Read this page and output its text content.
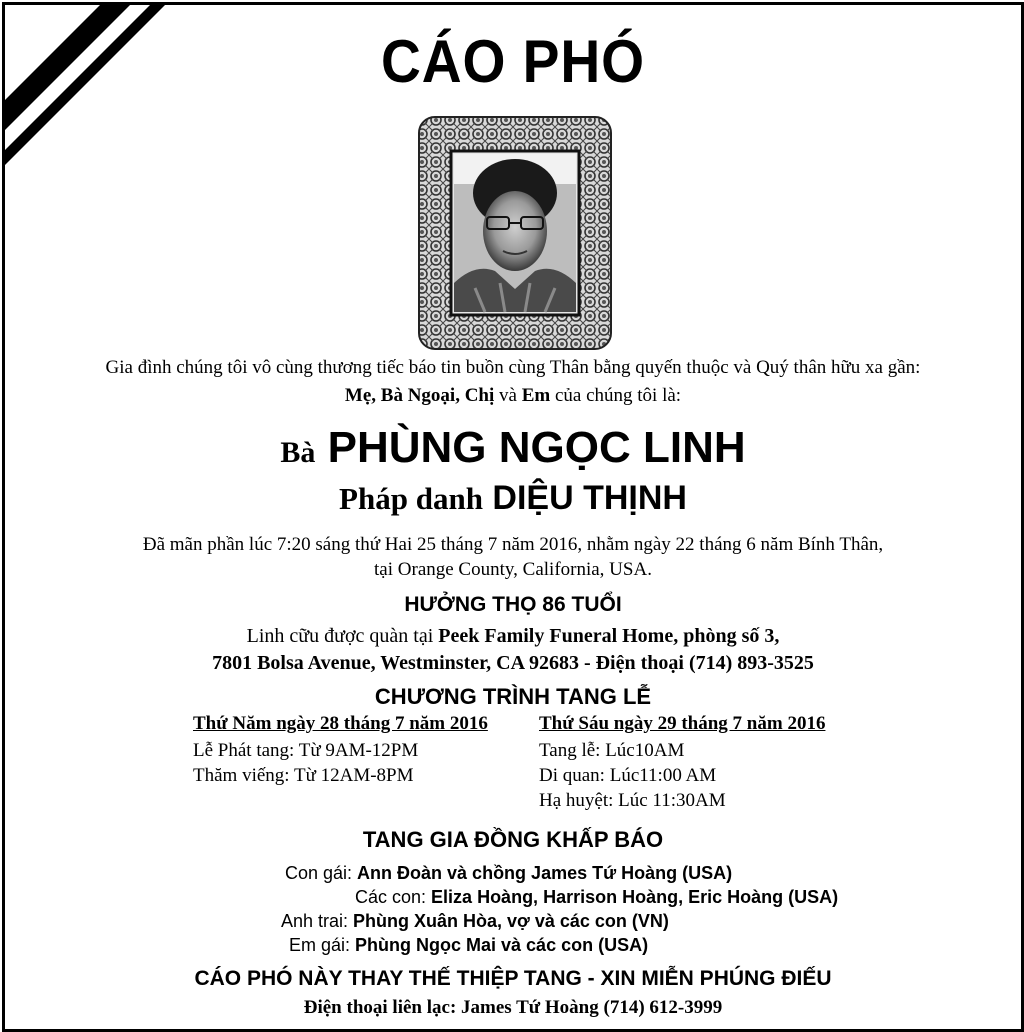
CÁO PHÓ
Gia đình chúng tôi vô cùng thương tiếc báo tin buồn cùng Thân bằng quyến thuộc và Quý thân hữu xa gần:
Mẹ, Bà Ngoại, Chị và Em của chúng tôi là:
Bà PHÙNG NGỌC LINH
Pháp danh DIỆU THỊNH
Đã mãn phần lúc 7:20 sáng thứ Hai 25 tháng 7 năm 2016, nhằm ngày 22 tháng 6 năm Bính Thân,
tại Orange County, California, USA.
HƯỞNG THỌ 86 TUỔI
Linh cữu được quàn tại Peek Family Funeral Home, phòng số 3,
7801 Bolsa Avenue, Westminster, CA 92683 - Điện thoại (714) 893-3525
CHƯƠNG TRÌNH TANG LỄ
Thứ Năm ngày 28 tháng 7 năm 2016
Lễ Phát tang: Từ 9AM-12PM
Thăm viếng: Từ 12AM-8PM
Thứ Sáu ngày 29 tháng 7 năm 2016
Tang lễ: Lúc10AM
Di quan: Lúc11:00 AM
Hạ huyệt: Lúc 11:30AM
TANG GIA ĐỒNG KHẤP BÁO
Con gái: Ann Đoàn và chồng James Tứ Hoàng (USA)
Các con: Eliza Hoàng, Harrison Hoàng, Eric Hoàng (USA)
Anh trai: Phùng Xuân Hòa, vợ và các con (VN)
Em gái: Phùng Ngọc Mai và các con (USA)
CÁO PHÓ NÀY THAY THẾ THIỆP TANG - XIN MIỄN PHÚNG ĐIẾU
Điện thoại liên lạc: James Tứ Hoàng (714) 612-3999
